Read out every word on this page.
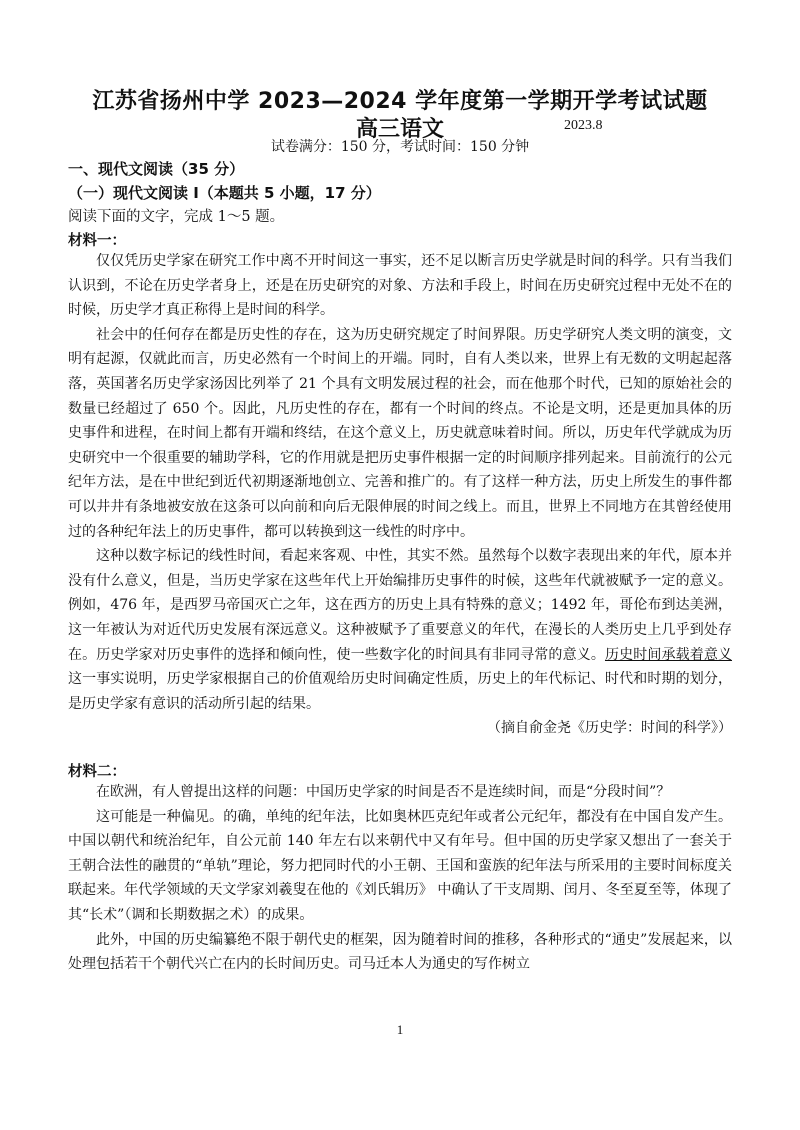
江苏省扬州中学 2023—2024 学年度第一学期开学考试试题
高三语文	2023.8
试卷满分：150 分，考试时间：150 分钟
一、现代文阅读（35 分）
（一）现代文阅读 I（本题共 5 小题，17 分）
阅读下面的文字，完成 1～5 题。
材料一：

仅仅凭历史学家在研究工作中离不开时间这一事实，还不足以断言历史学就是时间的科学。只有当我们认识到，不论在历史学者身上，还是在历史研究的对象、方法和手段上，时间在历史研究过程中无处不在的时候，历史学才真正称得上是时间的科学。

社会中的任何存在都是历史性的存在，这为历史研究规定了时间界限。历史学研究人类文明的演变，文明有起源，仅就此而言，历史必然有一个时间上的开端。同时，自有人类以来，世界上有无数的文明起起落落，英国著名历史学家汤因比列举了 21 个具有文明发展过程的社会，而在他那个时代，已知的原始社会的数量已经超过了 650 个。因此，凡历史性的存在，都有一个时间的终点。不论是文明，还是更加具体的历史事件和进程，在时间上都有开端和终结，在这个意义上，历史就意味着时间。所以，历史年代学就成为历史研究中一个很重要的辅助学科，它的作用就是把历史事件根据一定的时间顺序排列起来。目前流行的公元纪年方法，是在中世纪到近代初期逐渐地创立、完善和推广的。有了这样一种方法，历史上所发生的事件都可以井井有条地被安放在这条可以向前和向后无限伸展的时间之线上。而且，世界上不同地方在其曾经使用过的各种纪年法上的历史事件，都可以转换到这一线性的时序中。

这种以数字标记的线性时间，看起来客观、中性，其实不然。虽然每个以数字表现出来的年代，原本并没有什么意义，但是，当历史学家在这些年代上开始编排历史事件的时候，这些年代就被赋予一定的意义。例如，476 年，是西罗马帝国灭亡之年，这在西方的历史上具有特殊的意义；1492 年，哥伦布到达美洲，这一年被认为对近代历史发展有深远意义。这种被赋予了重要意义的年代，在漫长的人类历史上几乎到处存在。历史学家对历史事件的选择和倾向性，使一些数字化的时间具有非同寻常的意义。历史时间承载着意义这一事实说明，历史学家根据自己的价值观给历史时间确定性质，历史上的年代标记、时代和时期的划分，是历史学家有意识的活动所引起的结果。

（摘自俞金尧《历史学：时间的科学》）

材料二：

在欧洲，有人曾提出这样的问题：中国历史学家的时间是否不是连续时间，而是“分段时间”？

这可能是一种偏见。的确，单纯的纪年法，比如奥林匹克纪年或者公元纪年，都没有在中国自发产生。中国以朝代和统治纪年，自公元前 140 年左右以来朝代中又有年号。但中国的历史学家又想出了一套关于王朝合法性的融贯的“单轨”理论，努力把同时代的小王朝、王国和蛮族的纪年法与所采用的主要时间标度关联起来。年代学领域的天文学家刘羲叟在他的《刘氏辑历》 中确认了干支周期、闰月、冬至夏至等，体现了其“长术”（调和长期数据之术）的成果。

此外，中国的历史编纂绝不限于朝代史的框架，因为随着时间的推移，各种形式的“通史”发展起来，以处理包括若干个朝代兴亡在内的长时间历史。司马迁本人为通史的写作树立

1
